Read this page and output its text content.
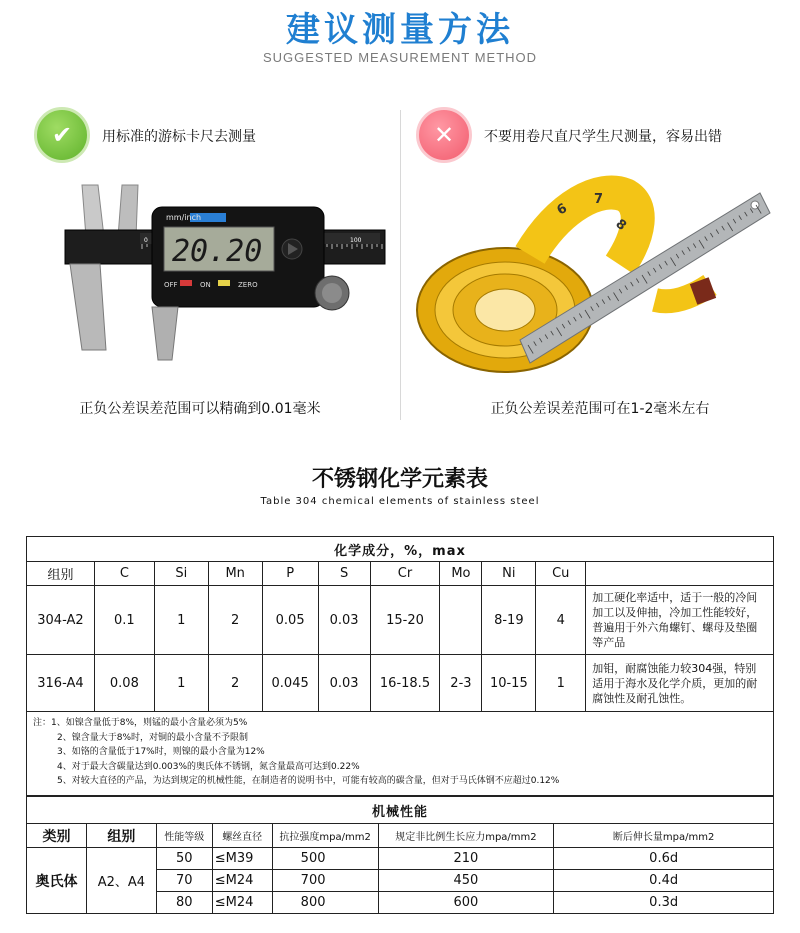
建议测量方法
SUGGESTED MEASUREMENT METHOD
✔	用标准的游标卡尺去测量
0	100
mm/inch
20.20
OFF	ON	ZERO
正负公差误差范围可以精确到0.01毫米
✕	不要用卷尺直尺学生尺测量，容易出错
6
7
8
正负公差误差范围可在1-2毫米左右
不锈钢化学元素表
Table 304 chemical elements of stainless steel
化学成分，%，max										
组别	C	Si	Mn	P	S	Cr	Mo	Ni	Cu	
304-A2	0.1	1	2	0.05	0.03	15-20		8-19	4	加工硬化率适中，适于一般的冷间加工以及伸抽，冷加工性能较好，普遍用于外六角螺钉、螺母及垫圈等产品
316-A4	0.08	1	2	0.045	0.03	16-18.5	2-3	10-15	1	加钼，耐腐蚀能力较304强，特别适用于海水及化学介质，更加的耐腐蚀性及耐孔蚀性。

注：1、如镍含量低于8%，则锰的最小含量必须为5%
2、镍含量大于8%时，对铜的最小含量不予限制
3、如铬的含量低于17%时，则镍的最小含量为12%
4、对于最大含碳量达到0.003%的奥氏体不锈钢，氮含量最高可达到0.22%
5、对较大直径的产品，为达到规定的机械性能，在制造者的说明书中，可能有较高的碳含量，但对于马氏体钢不应超过0.12%										
机械性能						
类别	组别	性能等级	螺丝直径	抗拉强度mpa/mm2	规定非比例生长应力mpa/mm2	断后伸长量mpa/mm2
奥氏体	A2、A4	50	≤M39	500	210	0.6d
		70	≤M24	700	450	0.4d
		80	≤M24	800	600	0.3d
